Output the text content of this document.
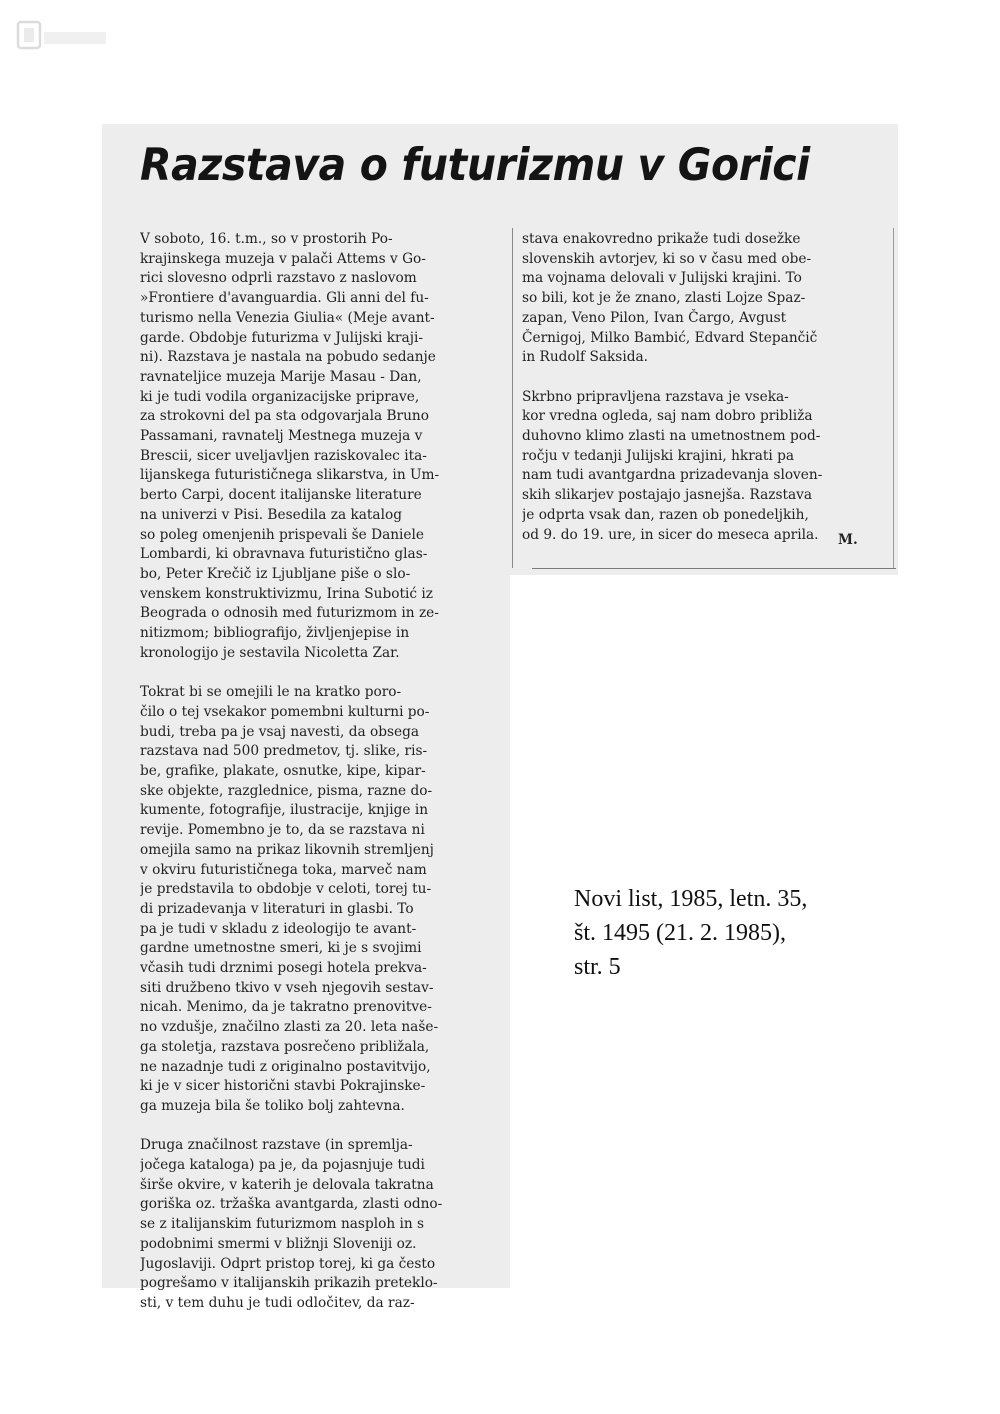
Razstava o futurizmu v Gorici
V soboto, 16. t.m., so v prostorih Po-
krajinskega muzeja v palači Attems v Go-
rici slovesno odprli razstavo z naslovom
»Frontiere d'avanguardia. Gli anni del fu-
turismo nella Venezia Giulia« (Meje avant-
garde. Obdobje futurizma v Julijski kraji-
ni). Razstava je nastala na pobudo sedanje
ravnateljice muzeja Marije Masau - Dan,
ki je tudi vodila organizacijske priprave,
za strokovni del pa sta odgovarjala Bruno
Passamani, ravnatelj Mestnega muzeja v
Brescii, sicer uveljavljen raziskovalec ita-
lijanskega futurističnega slikarstva, in Um-
berto Carpi, docent italijanske literature
na univerzi v Pisi. Besedila za katalog
so poleg omenjenih prispevali še Daniele
Lombardi, ki obravnava futuristično glas-
bo, Peter Krečič iz Ljubljane piše o slo-
venskem konstruktivizmu, Irina Subotić iz
Beograda o odnosih med futurizmom in ze-
nitizmom; bibliografijo, življenjepise in
kronologijo je sestavila Nicoletta Zar.

Tokrat bi se omejili le na kratko poro-
čilo o tej vsekakor pomembni kulturni po-
budi, treba pa je vsaj navesti, da obsega
razstava nad 500 predmetov, tj. slike, ris-
be, grafike, plakate, osnutke, kipe, kipar-
ske objekte, razglednice, pisma, razne do-
kumente, fotografije, ilustracije, knjige in
revije. Pomembno je to, da se razstava ni
omejila samo na prikaz likovnih stremljenj
v okviru futurističnega toka, marveč nam
je predstavila to obdobje v celoti, torej tu-
di prizadevanja v literaturi in glasbi. To
pa je tudi v skladu z ideologijo te avant-
gardne umetnostne smeri, ki je s svojimi
včasih tudi drznimi posegi hotela prekva-
siti družbeno tkivo v vseh njegovih sestav-
nicah. Menimo, da je takratno prenovitve-
no vzdušje, značilno zlasti za 20. leta naše-
ga stoletja, razstava posrečeno približala,
ne nazadnje tudi z originalno postavitvijo,
ki je v sicer historični stavbi Pokrajinske-
ga muzeja bila še toliko bolj zahtevna.

Druga značilnost razstave (in spremlja-
jočega kataloga) pa je, da pojasnjuje tudi
širše okvire, v katerih je delovala takratna
goriška oz. tržaška avantgarda, zlasti odno-
se z italijanskim futurizmom nasploh in s
podobnimi smermi v bližnji Sloveniji oz.
Jugoslaviji. Odprt pristop torej, ki ga često
pogrešamo v italijanskih prikazih preteklo-
sti, v tem duhu je tudi odločitev, da raz-
stava enakovredno prikaže tudi dosežke
slovenskih avtorjev, ki so v času med obe-
ma vojnama delovali v Julijski krajini. To
so bili, kot je že znano, zlasti Lojze Spaz-
zapan, Veno Pilon, Ivan Čargo, Avgust
Černigoj, Milko Bambić, Edvard Stepančič
in Rudolf Saksida.

Skrbno pripravljena razstava je vseka-
kor vredna ogleda, saj nam dobro približa
duhovno klimo zlasti na umetnostnem pod-
ročju v tedanji Julijski krajini, hkrati pa
nam tudi avantgardna prizadevanja sloven-
skih slikarjev postajajo jasnejša. Razstava
je odprta vsak dan, razen ob ponedeljkih,
od 9. do 19. ure, in sicer do meseca aprila.	M.
Novi list, 1985, letn. 35,
št. 1495 (21. 2. 1985),
str. 5
